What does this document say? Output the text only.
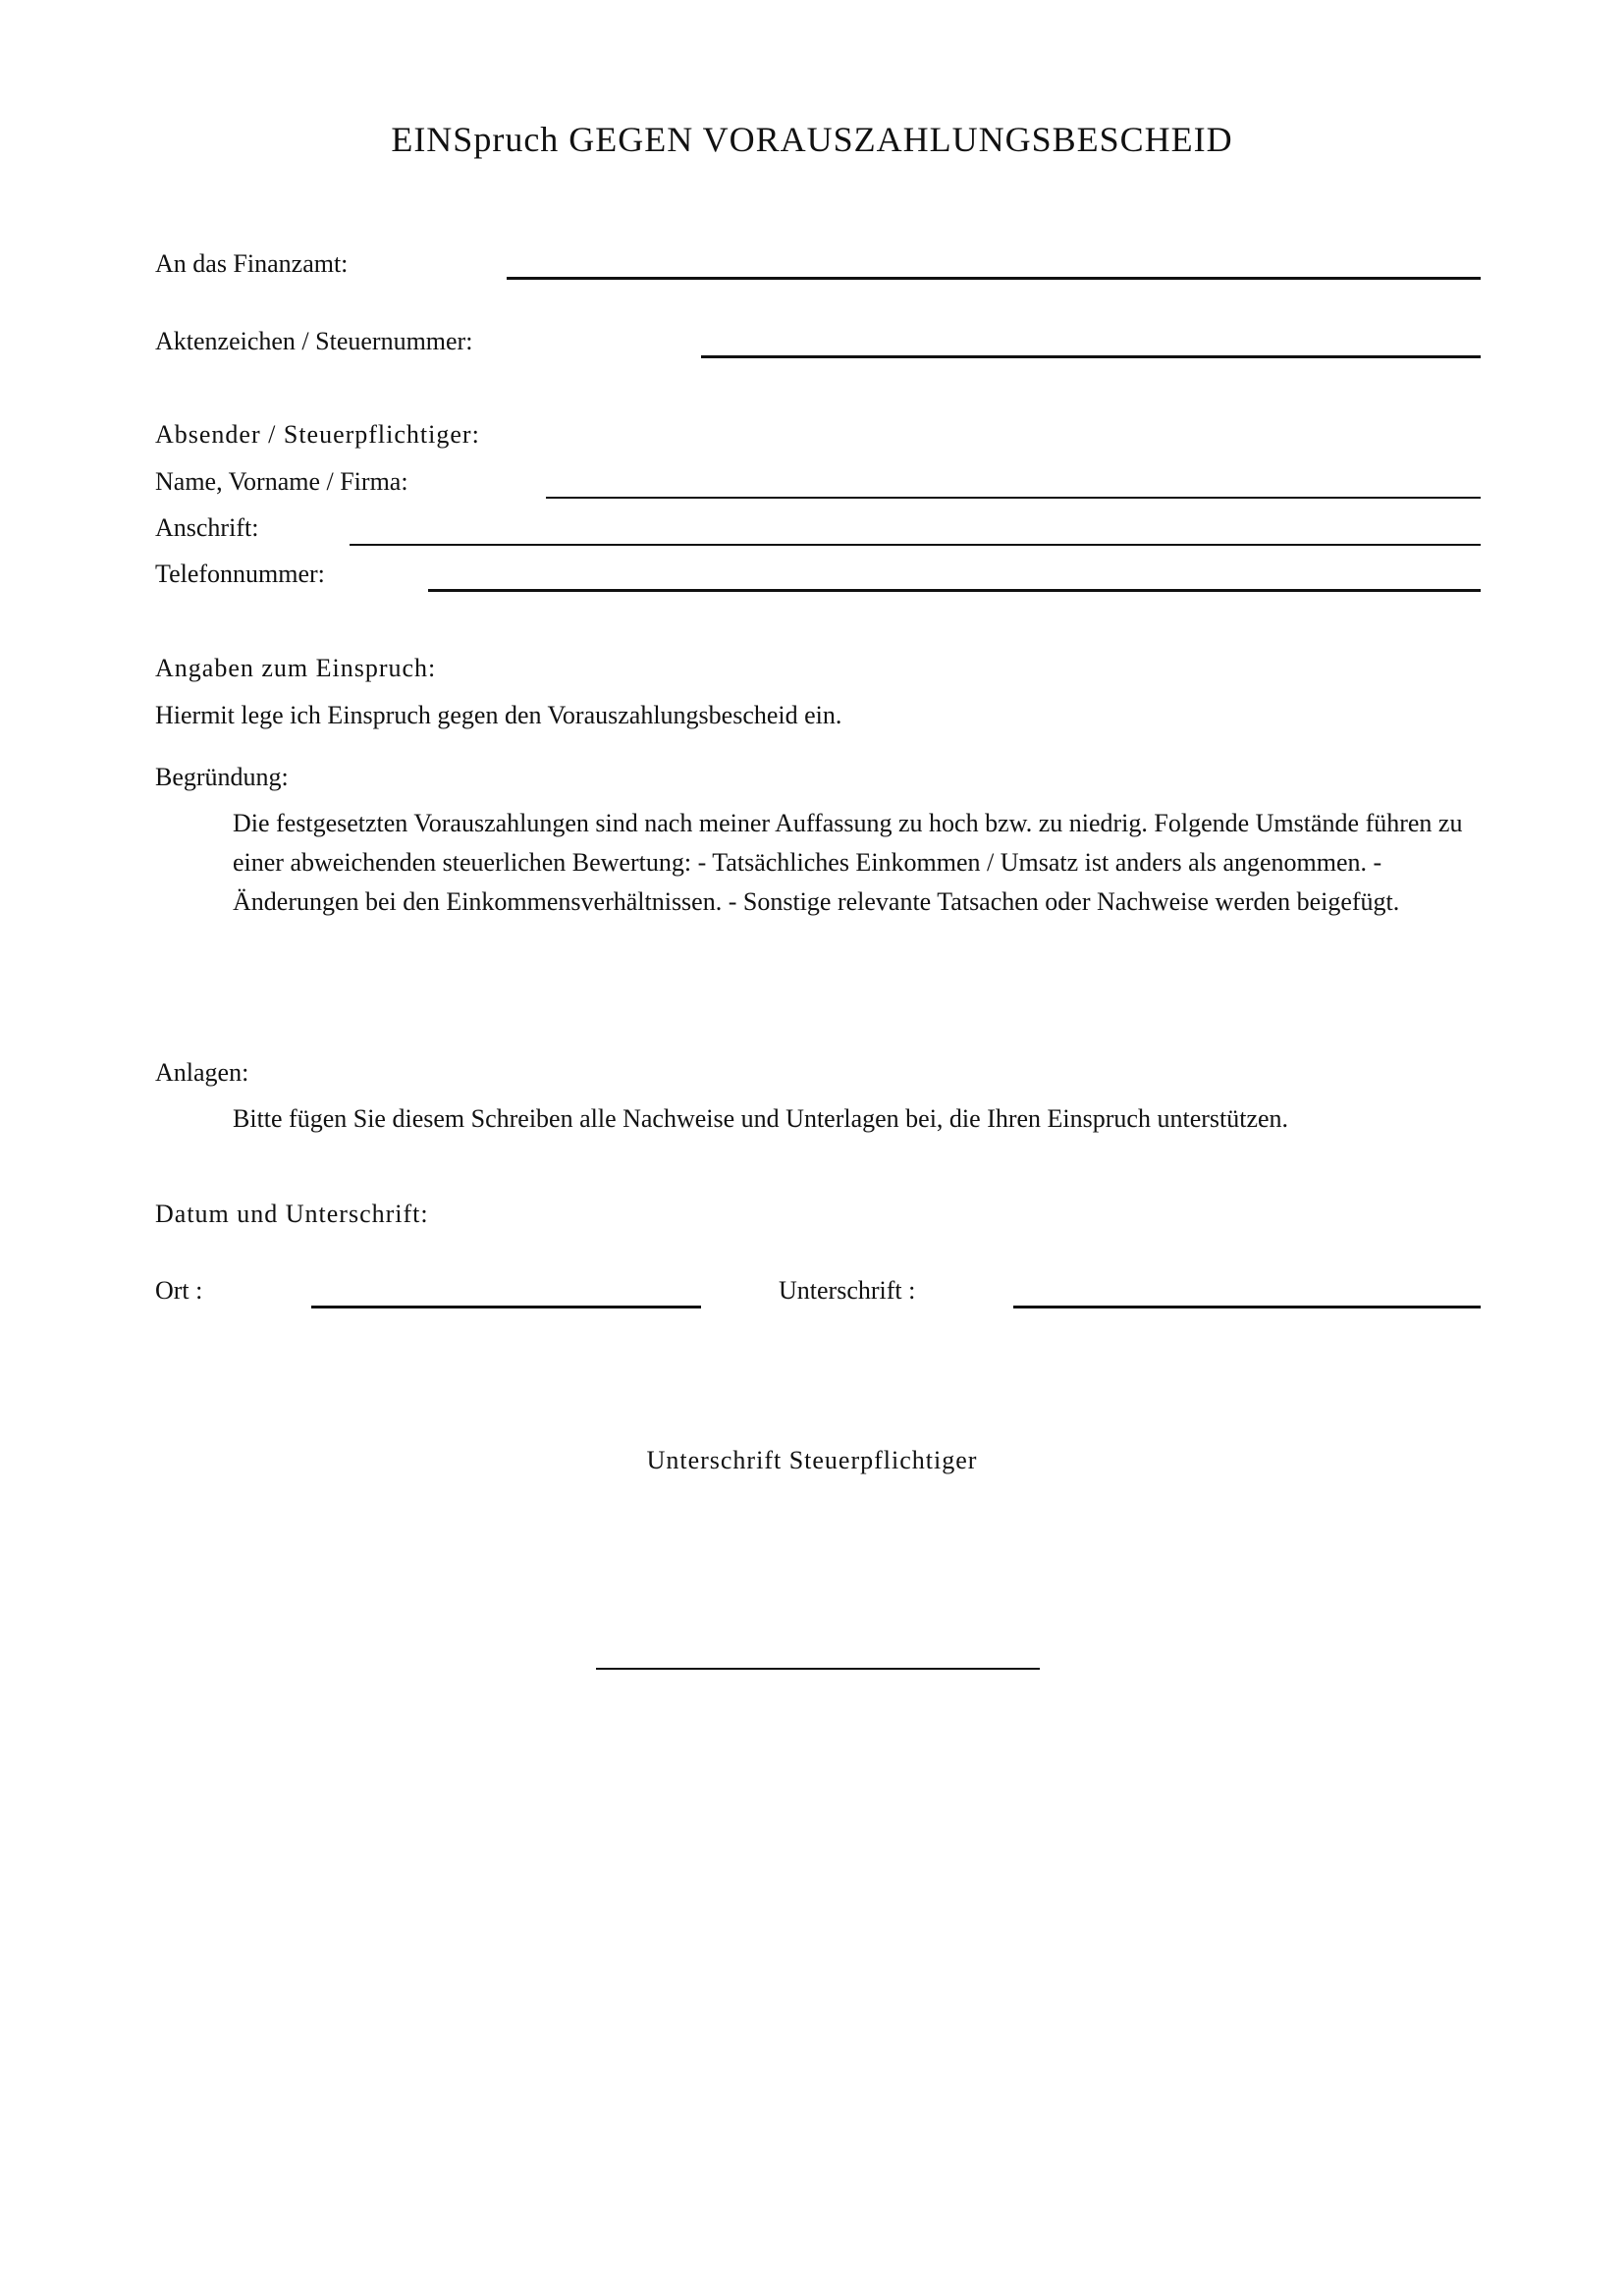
EINSpruch GEGEN VORAUSZAHLUNGSBESCHEID
An das Finanzamt:
Aktenzeichen / Steuernummer:
Absender / Steuerpflichtiger:
Name, Vorname / Firma:
Anschrift:
Telefonnummer:
Angaben zum Einspruch:
Hiermit lege ich Einspruch gegen den Vorauszahlungsbescheid ein.
Begründung:
Die festgesetzten Vorauszahlungen sind nach meiner Auffassung zu hoch bzw. zu niedrig. Folgende Umstände führen zu einer abweichenden steuerlichen Bewertung: - Tatsächliches Einkommen / Umsatz ist anders als angenommen. - Änderungen bei den Einkommensverhältnissen. - Sonstige relevante Tatsachen oder Nachweise werden beigefügt.
Anlagen:
Bitte fügen Sie diesem Schreiben alle Nachweise und Unterlagen bei, die Ihren Einspruch unterstützen.
Datum und Unterschrift:
Ort :	Unterschrift :
Unterschrift Steuerpflichtiger
